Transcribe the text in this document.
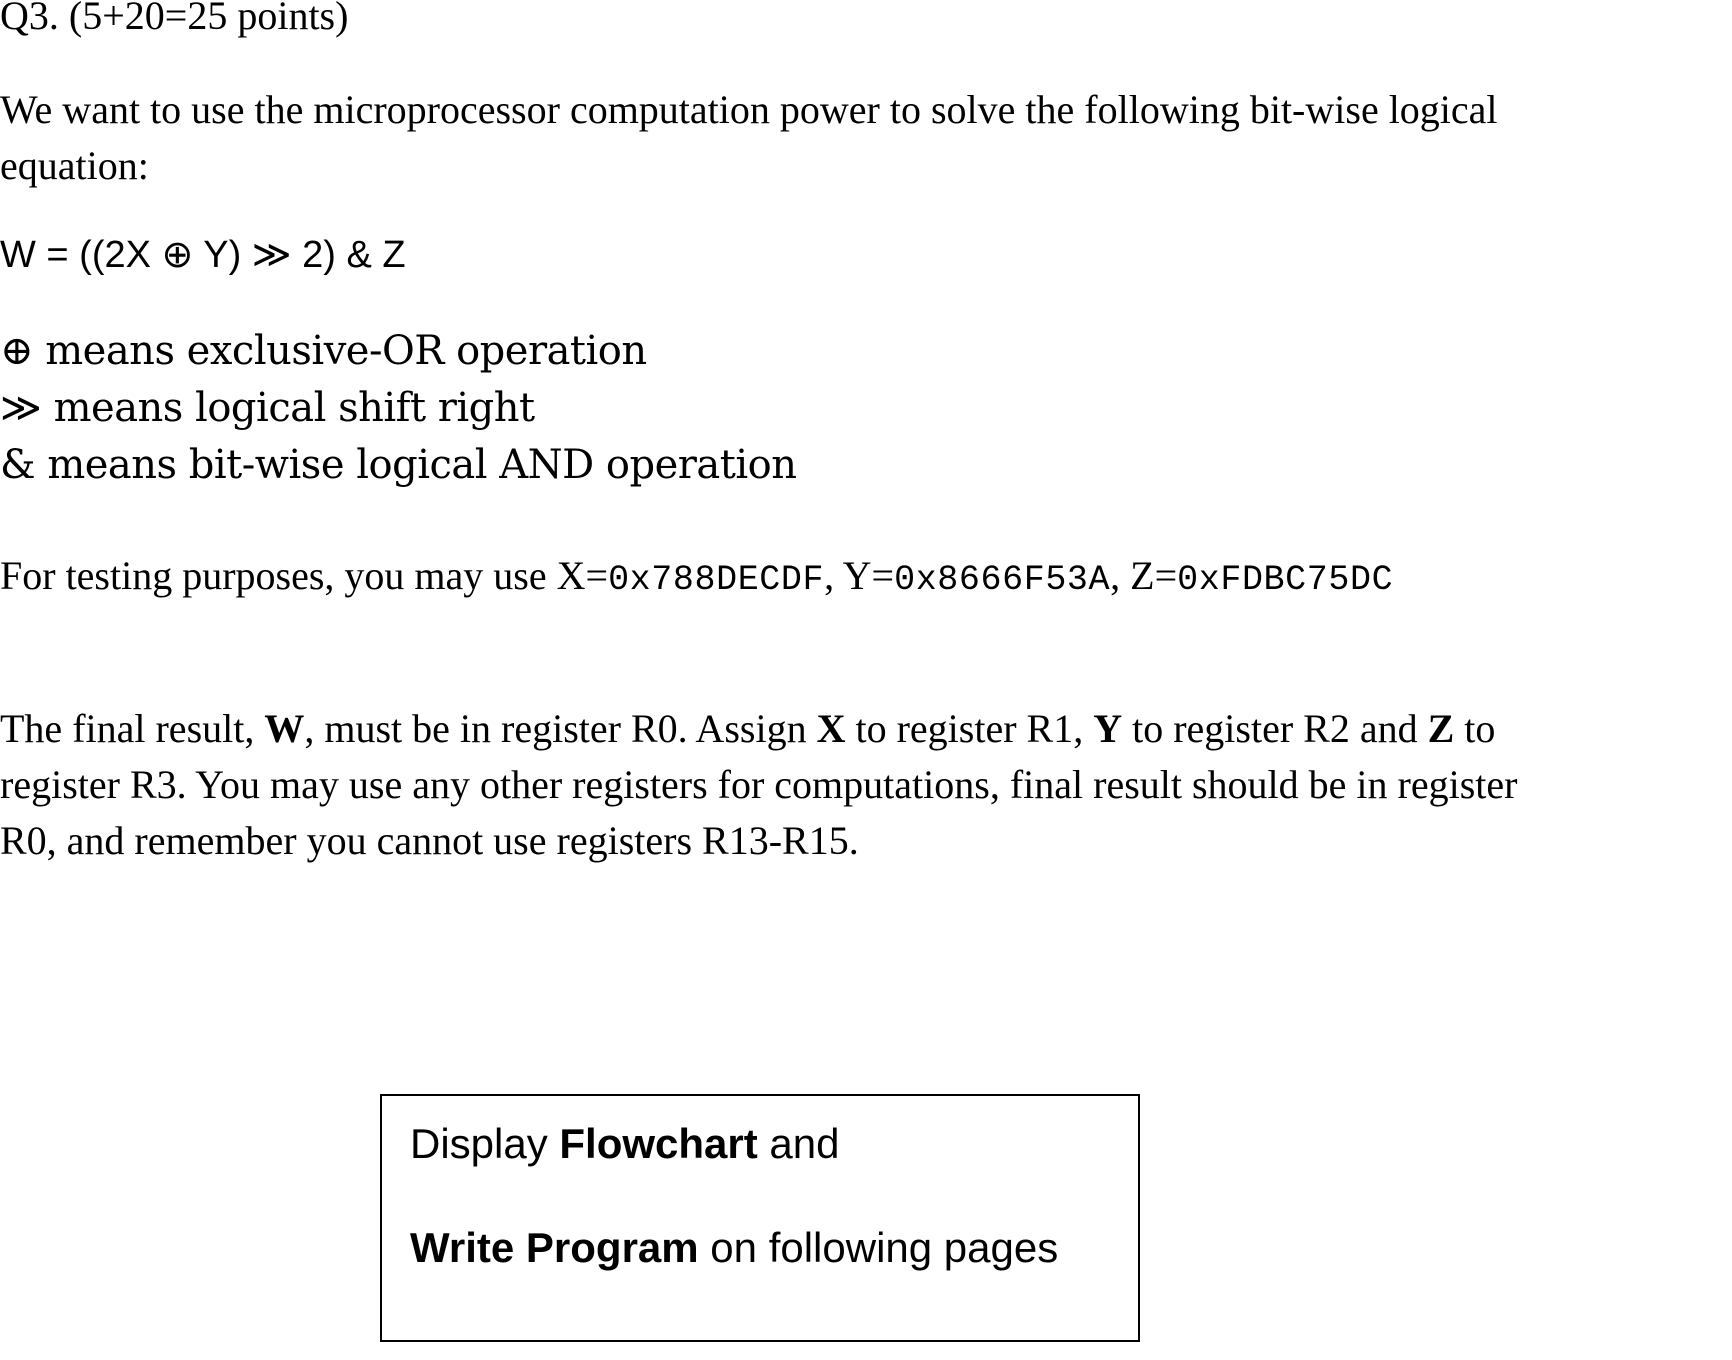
Q3. (5+20=25 points)
We want to use the microprocessor computation power to solve the following bit-wise logical
equation:
W = ((2X ⊕ Y) ≫ 2) & Z
⊕ means exclusive-OR operation
≫ means logical shift right
& means bit-wise logical AND operation
For testing purposes, you may use X=0x788DECDF, Y=0x8666F53A, Z=0xFDBC75DC
The final result, W, must be in register R0. Assign X to register R1, Y to register R2 and Z to
register R3. You may use any other registers for computations, final result should be in register
R0, and remember you cannot use registers R13-R15.
Display Flowchart and
Write Program on following pages
